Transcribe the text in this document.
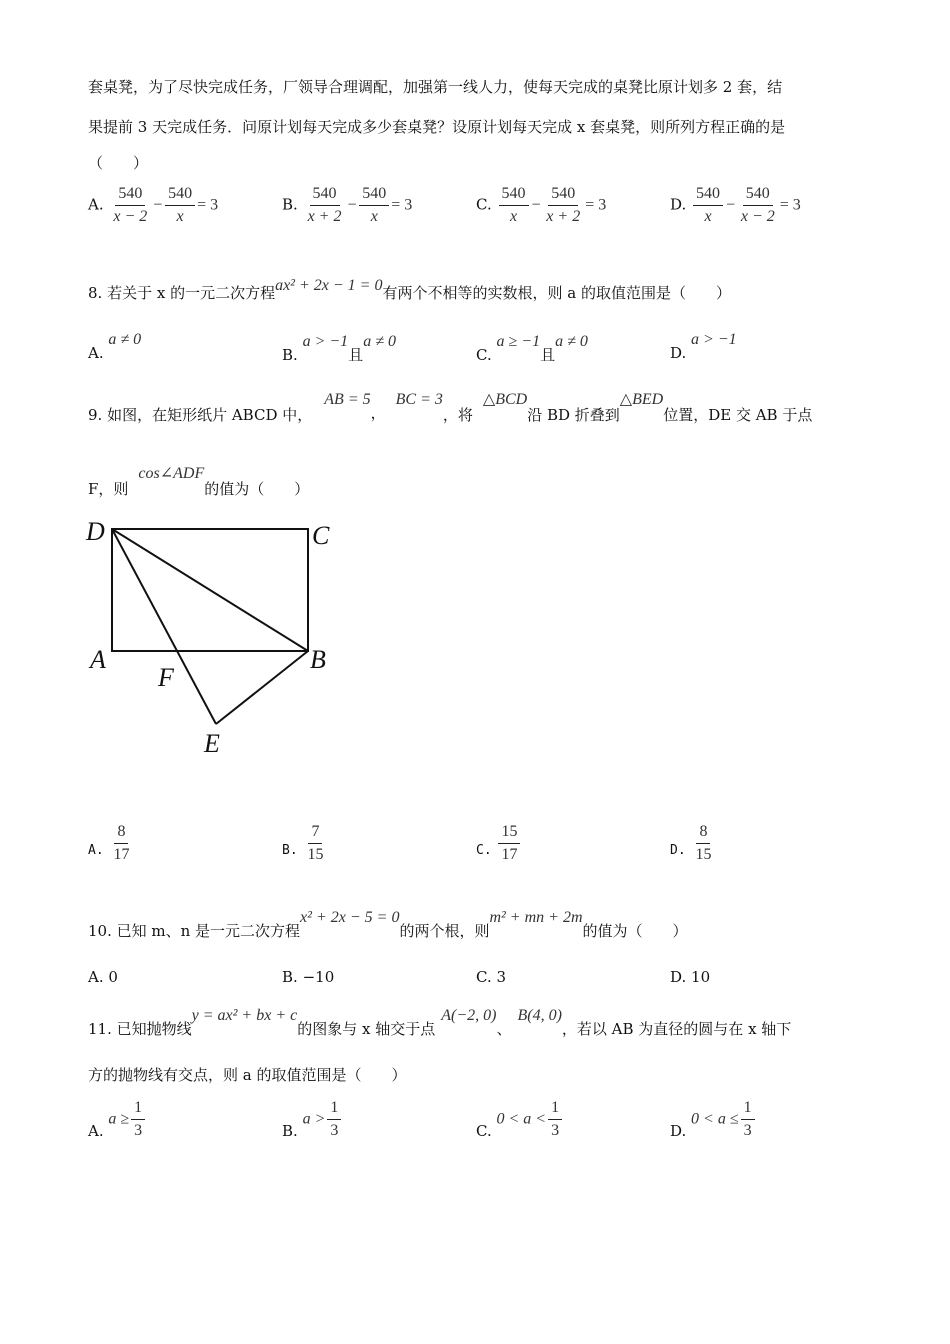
套桌凳，为了尽快完成任务，厂领导合理调配，加强第一线人力，使每天完成的桌凳比原计划多 2 套，结
果提前 3 天完成任务．问原计划每天完成多少套桌凳？设原计划每天完成 x 套桌凳，则所列方程正确的是
（　　）
A. $\frac{540}{x - 2} - \frac{540}{x} = 3$	B. $\frac{540}{x + 2} - \frac{540}{x} = 3$	C. $\frac{540}{x} - \frac{540}{x + 2} = 3$	D. $\frac{540}{x} - \frac{540}{x - 2} = 3$
8. 若关于 x 的一元二次方程ax² + 2x − 1 = 0有两个不相等的实数根，则 a 的取值范围是（　　）
A. a ≠ 0
B. a > −1且a ≠ 0
C. a ≥ −1且a ≠ 0
D. a > −1
9. 如图，在矩形纸片 ABCD 中，AB = 5，BC = 3，将△BCD沿 BD 折叠到△BED位置，DE 交 AB 于点
F，则cos∠ADF的值为（　　）
D	C
A	B
F
E
A. $\frac{8}{17}$	B. $\frac{7}{15}$	C. $\frac{15}{17}$	D. $\frac{8}{15}$
10. 已知 m、n 是一元二次方程x² + 2x − 5 = 0的两个根，则m² + mn + 2m的值为（　　）
A. 0	B. −10	C. 3	D. 10
11. 已知抛物线y = ax² + bx + c的图象与 x 轴交于点A(−2, 0)、B(4, 0)，若以 AB 为直径的圆与在 x 轴下
方的抛物线有交点，则 a 的取值范围是（　　）
A. $a \ge \frac{1}{3}$	B. $a > \frac{1}{3}$	C. $0 < a < \frac{1}{3}$	D. $0 < a \le \frac{1}{3}$
